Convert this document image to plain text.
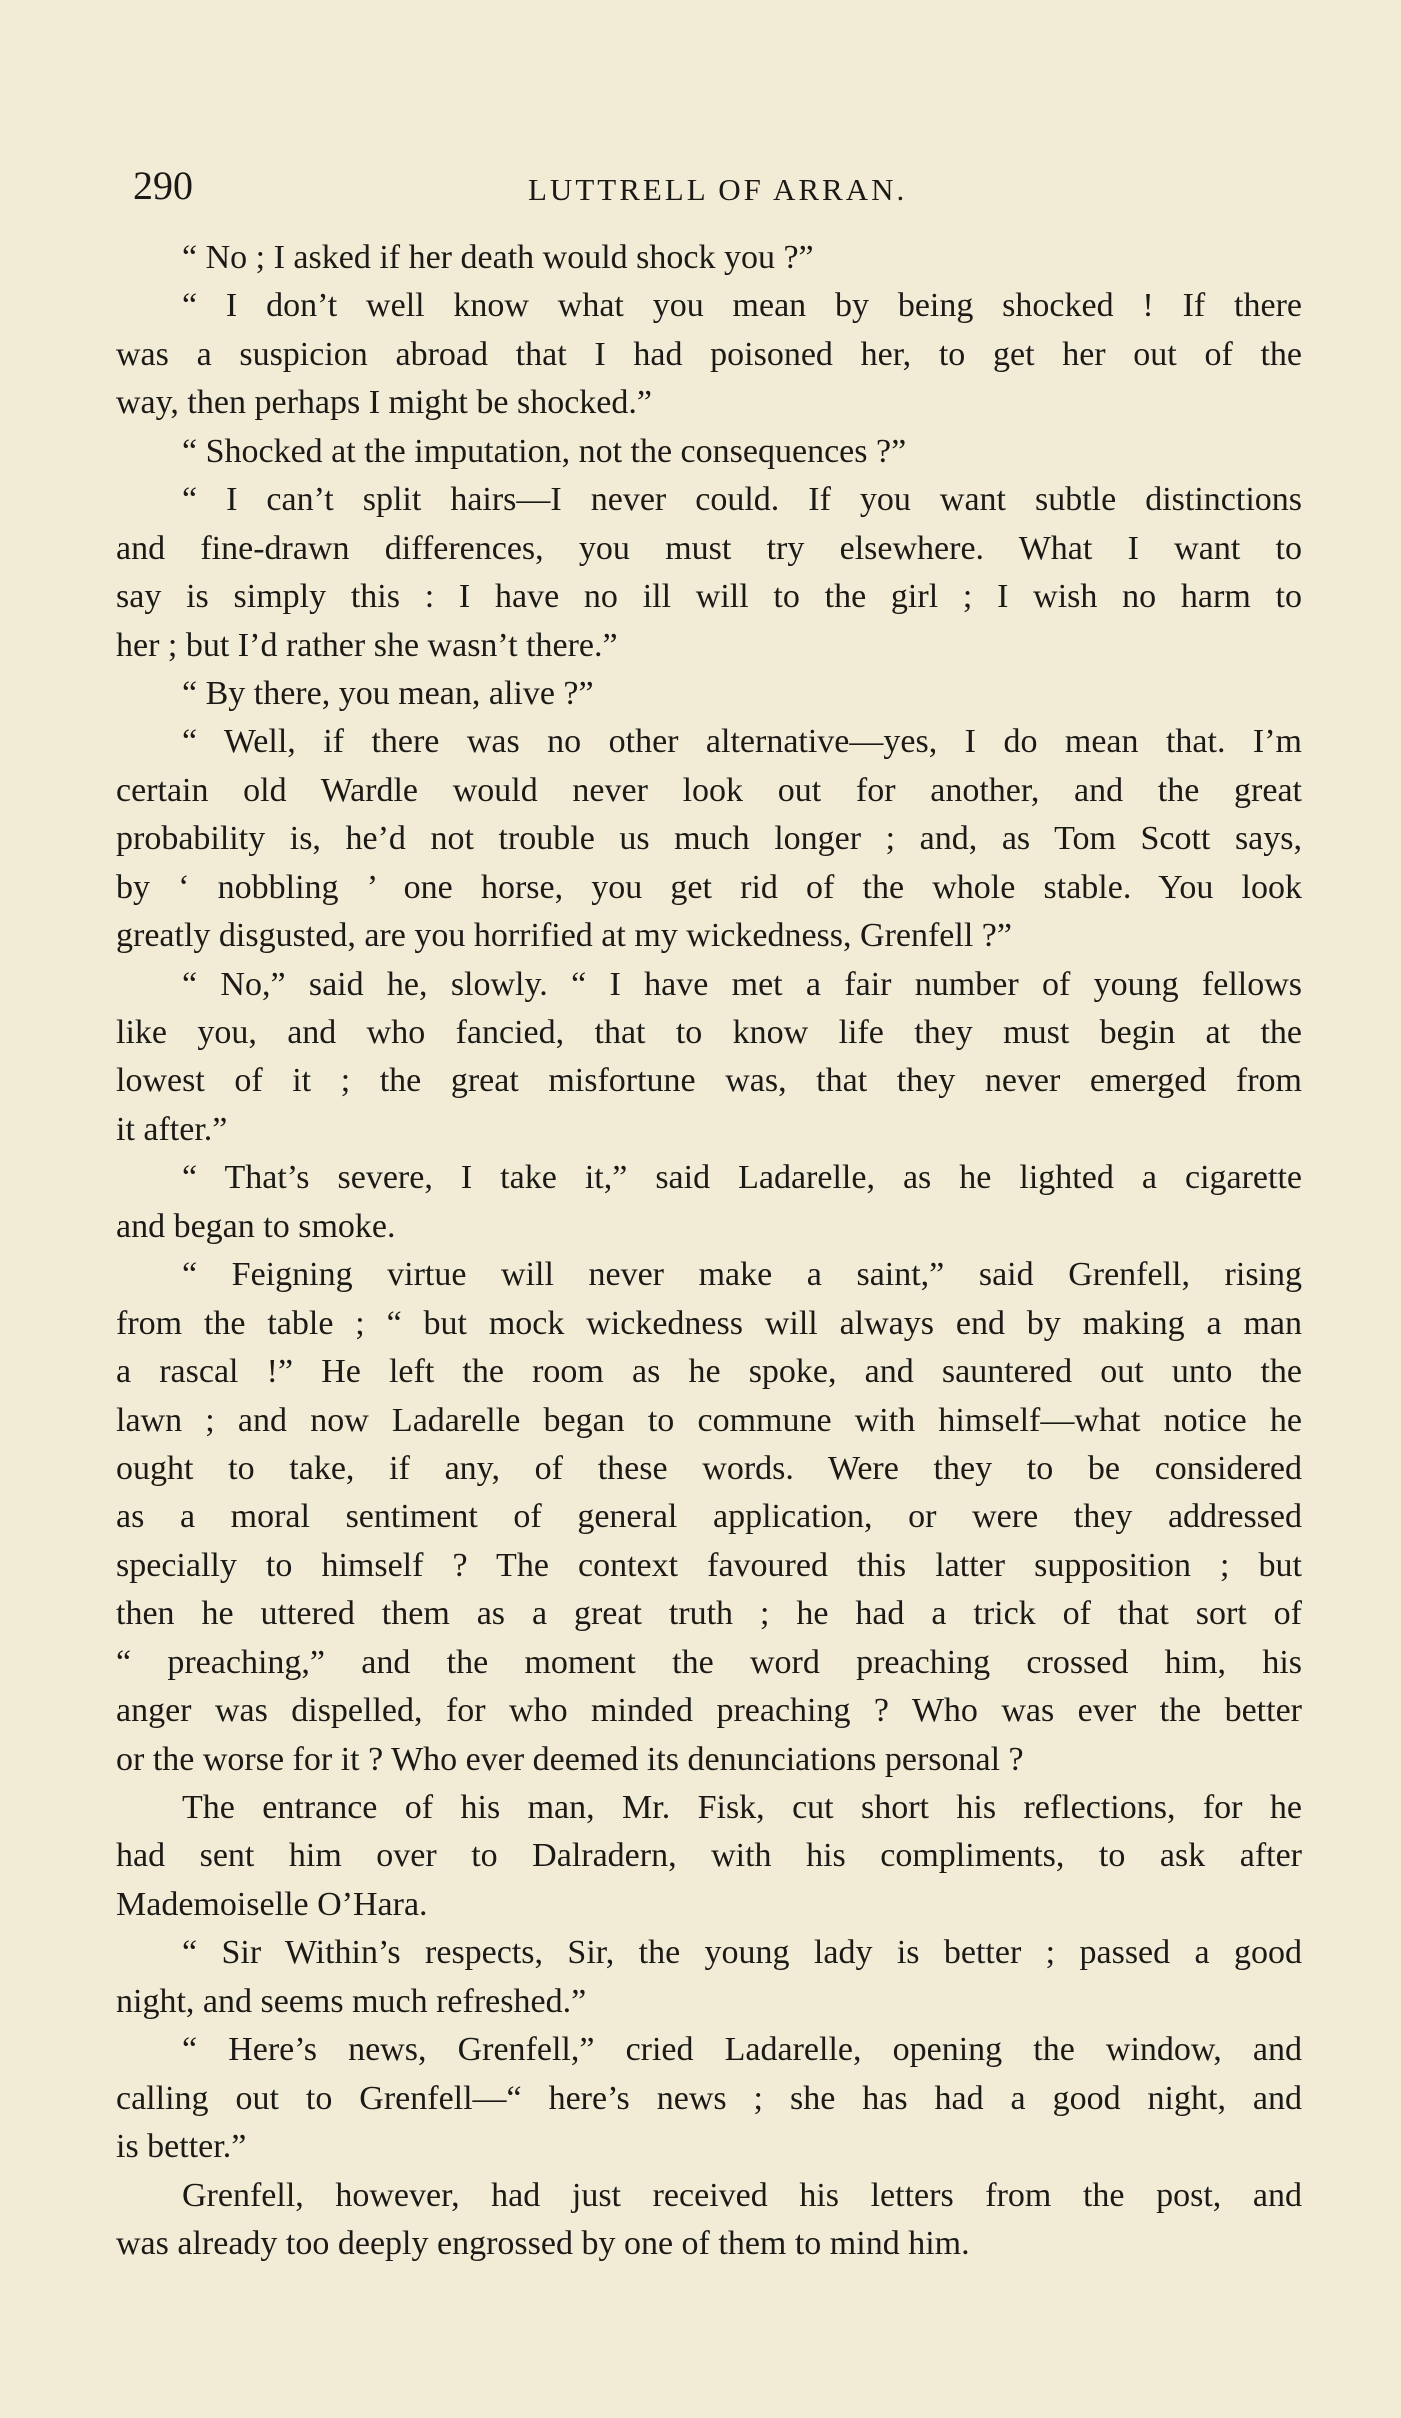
290	LUTTRELL OF ARRAN.
“ No ; I asked if her death would shock you ?”
“ I don’t well know what you mean by being shocked ! If there
was a suspicion abroad that I had poisoned her, to get her out of the
way, then perhaps I might be shocked.”
“ Shocked at the imputation, not the consequences ?”
“ I can’t split hairs—I never could. If you want subtle distinctions
and fine-drawn differences, you must try elsewhere. What I want to
say is simply this : I have no ill will to the girl ; I wish no harm to
her ; but I’d rather she wasn’t there.”
“ By there, you mean, alive ?”
“ Well, if there was no other alternative—yes, I do mean that. I’m
certain old Wardle would never look out for another, and the great
probability is, he’d not trouble us much longer ; and, as Tom Scott says,
by ‘ nobbling ’ one horse, you get rid of the whole stable. You look
greatly disgusted, are you horrified at my wickedness, Grenfell ?”
“ No,” said he, slowly. “ I have met a fair number of young fellows
like you, and who fancied, that to know life they must begin at the
lowest of it ; the great misfortune was, that they never emerged from
it after.”
“ That’s severe, I take it,” said Ladarelle, as he lighted a cigarette
and began to smoke.
“ Feigning virtue will never make a saint,” said Grenfell, rising
from the table ; “ but mock wickedness will always end by making a man
a rascal !” He left the room as he spoke, and sauntered out unto the
lawn ; and now Ladarelle began to commune with himself—what notice he
ought to take, if any, of these words. Were they to be considered
as a moral sentiment of general application, or were they addressed
specially to himself ? The context favoured this latter supposition ; but
then he uttered them as a great truth ; he had a trick of that sort of
“ preaching,” and the moment the word preaching crossed him, his
anger was dispelled, for who minded preaching ? Who was ever the better
or the worse for it ? Who ever deemed its denunciations personal ?
The entrance of his man, Mr. Fisk, cut short his reflections, for he
had sent him over to Dalradern, with his compliments, to ask after
Mademoiselle O’Hara.
“ Sir Within’s respects, Sir, the young lady is better ; passed a good
night, and seems much refreshed.”
“ Here’s news, Grenfell,” cried Ladarelle, opening the window, and
calling out to Grenfell—“ here’s news ; she has had a good night, and
is better.”
Grenfell, however, had just received his letters from the post, and
was already too deeply engrossed by one of them to mind him.
